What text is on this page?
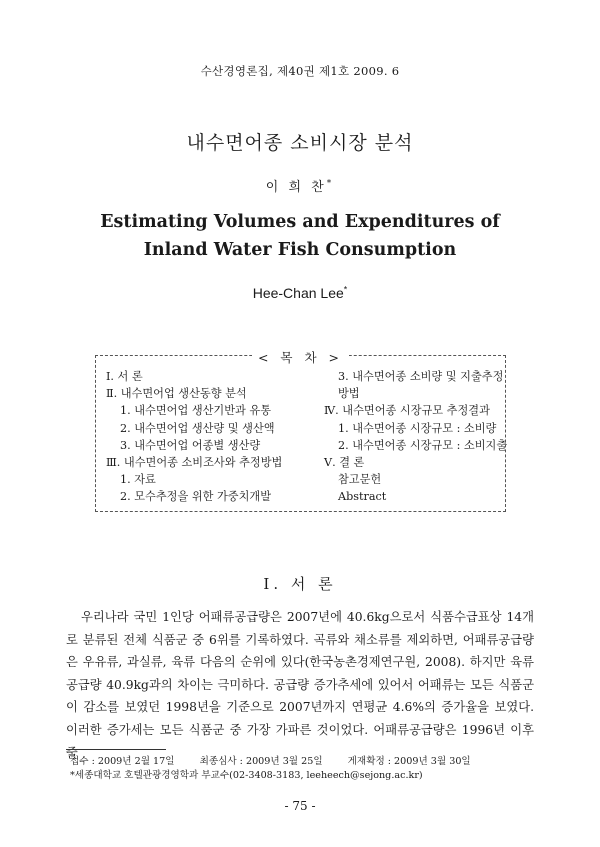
수산경영론집, 제40권 제1호 2009. 6
내수면어종 소비시장 분석
이 희 찬*
Estimating Volumes and Expenditures of
Inland Water Fish Consumption
Hee-Chan Lee*
< 목 차 >
Ⅰ. 서 론
Ⅱ. 내수면어업 생산동향 분석
1. 내수면어업 생산기반과 유통
2. 내수면어업 생산량 및 생산액
3. 내수면어업 어종별 생산량
Ⅲ. 내수면어종 소비조사와 추정방법
1. 자료
2. 모수추정을 위한 가중치개발
3. 내수면어종 소비량 및 지출추정
방법
Ⅳ. 내수면어종 시장규모 추정결과
1. 내수면어종 시장규모 : 소비량
2. 내수면어종 시장규모 : 소비지출
Ⅴ. 결 론
참고문헌
Abstract
Ⅰ. 서 론

우리나라 국민 1인당 어패류공급량은 2007년에 40.6kg으로서 식품수급표상 14개로 분류된 전체 식품군 중 6위를 기록하였다. 곡류와 채소류를 제외하면, 어패류공급량은 우유류, 과실류, 육류 다음의 순위에 있다(한국농촌경제연구원, 2008). 하지만 육류공급량 40.9kg과의 차이는 극미하다. 공급량 증가추세에 있어서 어패류는 모든 식품군이 감소를 보였던 1998년을 기준으로 2007년까지 연평균 4.6%의 증가율을 보였다. 이러한 증가세는 모든 식품군 중 가장 가파른 것이었다. 어패류공급량은 1996년 이후 줄

접수 : 2009년 2월 17일	최종심사 : 2009년 3월 25일	게재확정 : 2009년 3월 30일
*세종대학교 호텔관광경영학과 부교수(02-3408-3183, leeheech@sejong.ac.kr)
- 75 -
